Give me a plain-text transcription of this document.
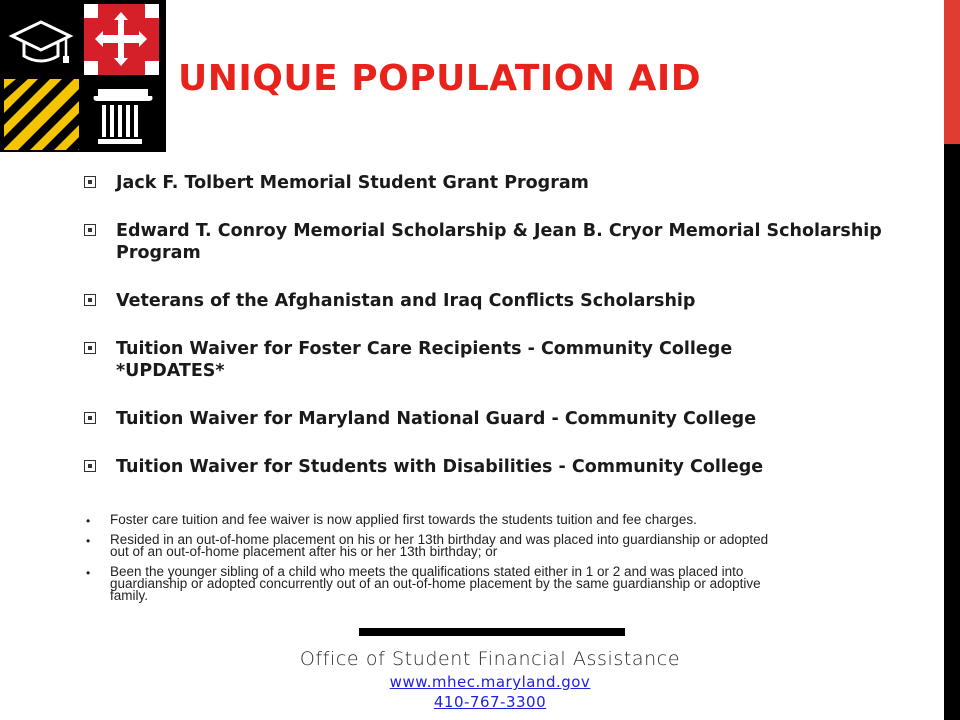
UNIQUE POPULATION AID
Jack F. Tolbert Memorial Student Grant Program
Edward T. Conroy Memorial Scholarship & Jean B. Cryor Memorial Scholarship
Program
Veterans of the Afghanistan and Iraq Conflicts Scholarship
Tuition Waiver for Foster Care Recipients - Community College
*UPDATES*
Tuition Waiver for Maryland National Guard - Community College
Tuition Waiver for Students with Disabilities - Community College
• Foster care tuition and fee waiver is now applied first towards the students tuition and fee charges.
• Resided in an out-of-home placement on his or her 13th birthday and was placed into guardianship or adopted
out of an out-of-home placement after his or her 13th birthday; or
• Been the younger sibling of a child who meets the qualifications stated either in 1 or 2 and was placed into
guardianship or adopted concurrently out of an out-of-home placement by the same guardianship or adoptive
family.
Office of Student Financial Assistance
www.mhec.maryland.gov
410-767-3300
